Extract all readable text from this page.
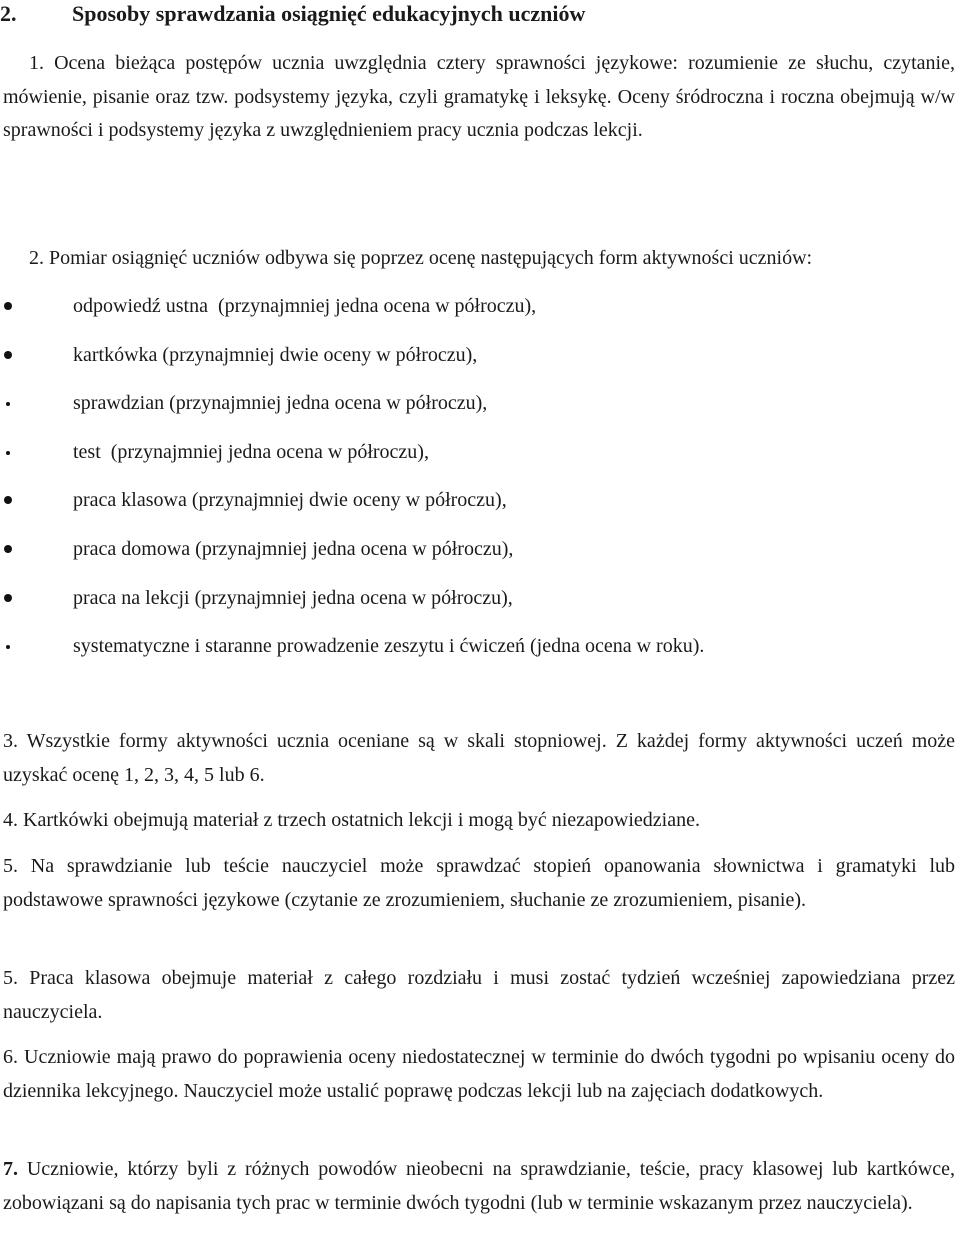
2.	Sposoby sprawdzania osiągnięć edukacyjnych uczniów
1. Ocena bieżąca postępów ucznia uwzględnia cztery sprawności językowe: rozumienie ze słuchu, czytanie, mówienie, pisanie oraz tzw. podsystemy języka, czyli gramatykę i leksykę. Oceny śródroczna i roczna obejmują w/w sprawności i podsystemy języka z uwzględnieniem pracy ucznia podczas lekcji.
2. Pomiar osiągnięć uczniów odbywa się poprzez ocenę następujących form aktywności uczniów:
odpowiedź ustna  (przynajmniej jedna ocena w półroczu),
kartkówka (przynajmniej dwie oceny w półroczu),
sprawdzian (przynajmniej jedna ocena w półroczu),
test  (przynajmniej jedna ocena w półroczu),
praca klasowa (przynajmniej dwie oceny w półroczu),
praca domowa (przynajmniej jedna ocena w półroczu),
praca na lekcji (przynajmniej jedna ocena w półroczu),
systematyczne i staranne prowadzenie zeszytu i ćwiczeń (jedna ocena w roku).
3. Wszystkie formy aktywności ucznia oceniane są w skali stopniowej. Z każdej formy aktywności uczeń może uzyskać ocenę 1, 2, 3, 4, 5 lub 6.
4. Kartkówki obejmują materiał z trzech ostatnich lekcji i mogą być niezapowiedziane.
5. Na sprawdzianie lub teście nauczyciel może sprawdzać stopień opanowania słownictwa i gramatyki lub podstawowe sprawności językowe (czytanie ze zrozumieniem, słuchanie ze zrozumieniem, pisanie).
5. Praca klasowa obejmuje materiał z całego rozdziału i musi zostać tydzień wcześniej zapowiedziana przez nauczyciela.
6. Uczniowie mają prawo do poprawienia oceny niedostatecznej w terminie do dwóch tygodni po wpisaniu oceny do dziennika lekcyjnego. Nauczyciel może ustalić poprawę podczas lekcji lub na zajęciach dodatkowych.
7. Uczniowie, którzy byli z różnych powodów nieobecni na sprawdzianie, teście, pracy klasowej lub kartkówce, zobowiązani są do napisania tych prac w terminie dwóch tygodni (lub w terminie wskazanym przez nauczyciela).
